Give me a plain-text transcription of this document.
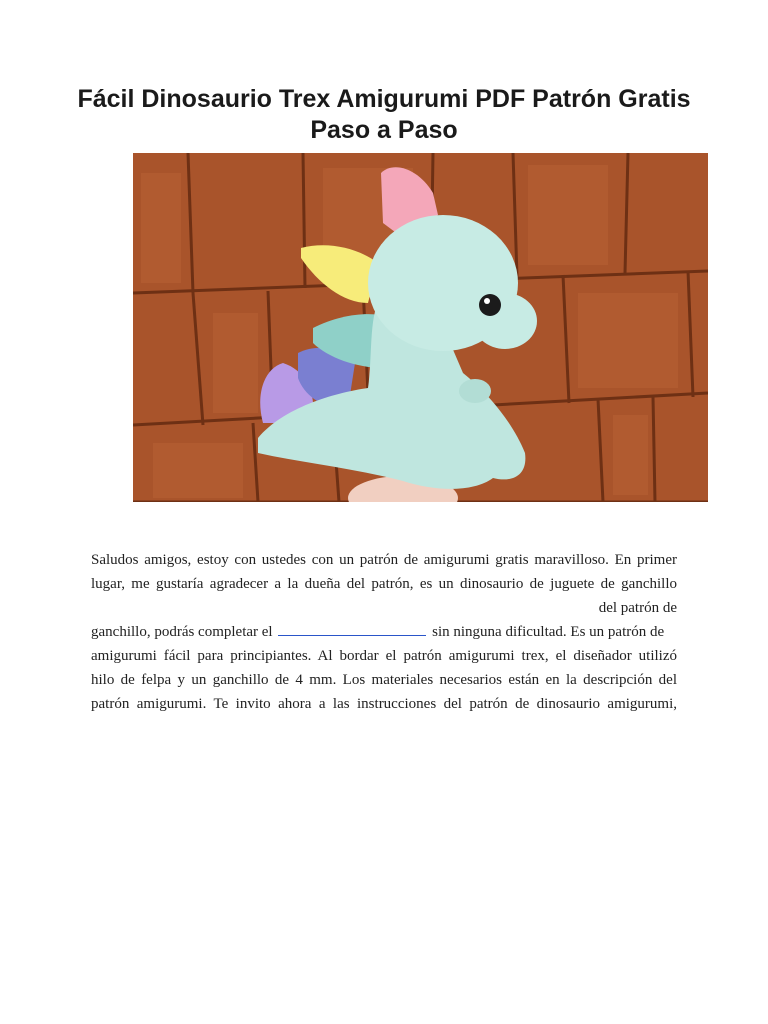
Fácil Dinosaurio Trex Amigurumi PDF Patrón Gratis Paso a Paso
Saludos amigos, estoy con ustedes con un patrón de amigurumi gratis maravilloso. En primer
lugar, me gustaría agradecer a la dueña del patrón, es un dinosaurio de juguete de ganchillo
del patrón de
ganchillo, podrás completar el	sin ninguna dificultad. Es un patrón de
amigurumi fácil para principiantes. Al bordar el patrón amigurumi trex, el diseñador utilizó
hilo de felpa y un ganchillo de 4 mm. Los materiales necesarios están en la descripción del
patrón amigurumi. Te invito ahora a las instrucciones del patrón de dinosaurio amigurumi,
